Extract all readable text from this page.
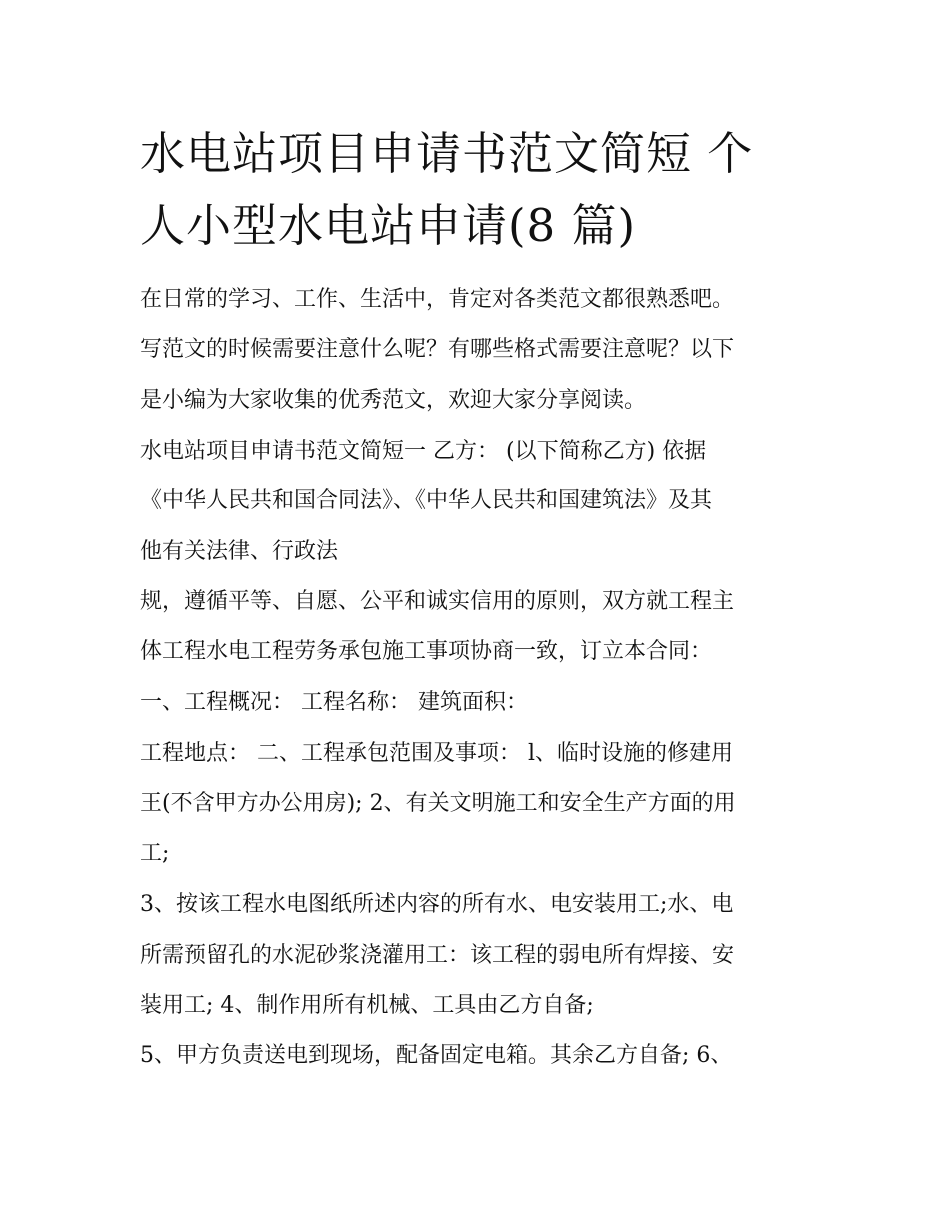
水电站项目申请书范文简短 个
人小型水电站申请(8 篇)
在日常的学习、工作、生活中，肯定对各类范文都很熟悉吧。
写范文的时候需要注意什么呢？有哪些格式需要注意呢？以下
是小编为大家收集的优秀范文，欢迎大家分享阅读。
水电站项目申请书范文简短一 乙方： (以下简称乙方) 依据
《中华人民共和国合同法》、《中华人民共和国建筑法》及其
他有关法律、行政法
规，遵循平等、自愿、公平和诚实信用的原则，双方就工程主
体工程水电工程劳务承包施工事项协商一致，订立本合同：
一、工程概况： 工程名称： 建筑面积：
工程地点： 二、工程承包范围及事项： l、临时设施的修建用
王(不含甲方办公用房); 2、有关文明施工和安全生产方面的用
工;
3、按该工程水电图纸所述内容的所有水、电安装用工;水、电
所需预留孔的水泥砂浆浇灌用工：该工程的弱电所有焊接、安
装用工; 4、制作用所有机械、工具由乙方自备;
5、甲方负责送电到现场，配备固定电箱。其余乙方自备; 6、
